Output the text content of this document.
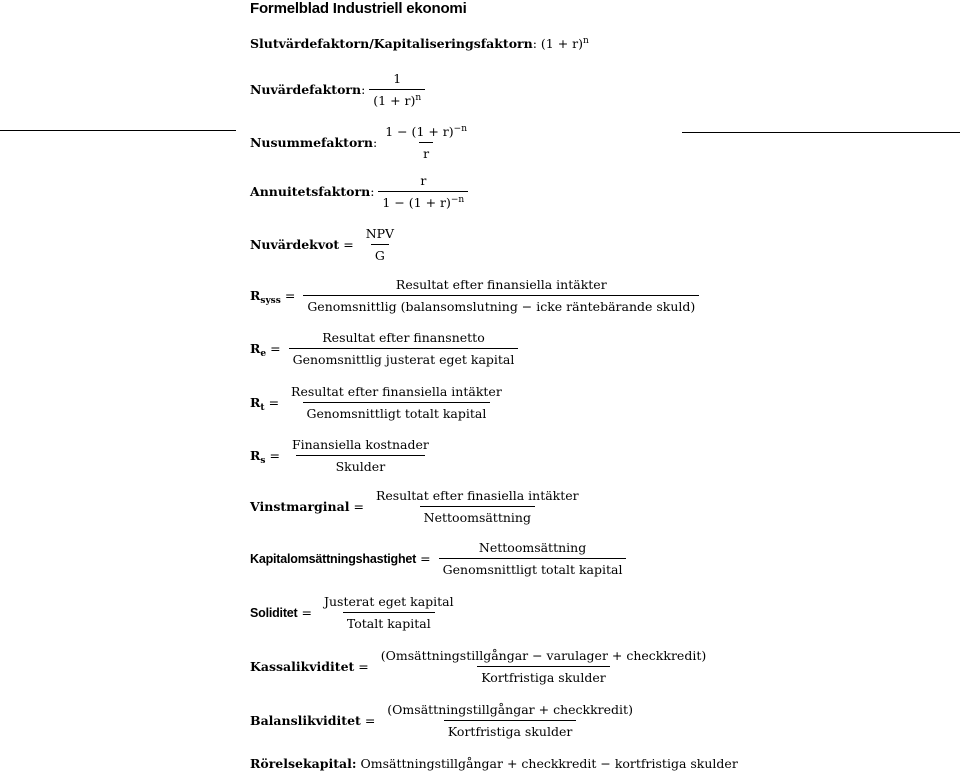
Formelblad Industriell ekonomi
Slutvärdefaktorn/Kapitaliseringsfaktorn : $(1 + r)^n$
Nuvärdefaktorn : $\frac{1}{(1 + r)^n}$
Nusummefaktorn : $\frac{1 - (1 + r)^{-n}}{r}$
Annuitetsfaktorn : $\frac{r}{1 - (1 + r)^{-n}}$
Nuvärdekvot = $\frac{\text{NPV}}{G}$
$R_{syss} = \frac{\text{Resultat efter finansiella intäkter}}{\text{Genomsnittlig (balansomslutning − icke räntebärande skuld)}}$
$R_e = \frac{\text{Resultat efter finansnetto}}{\text{Genomsnittlig justerat eget kapital}}$
$R_t = \frac{\text{Resultat efter finansiella intäkter}}{\text{Genomsnittligt totalt kapital}}$
$R_s = \frac{\text{Finansiella kostnader}}{\text{Skulder}}$
Vinstmarginal = $\frac{\text{Resultat efter finasiella intäkter}}{\text{Nettoomsättning}}$
Kapitalomsättningshastighet = $\frac{\text{Nettoomsättning}}{\text{Genomsnittligt totalt kapital}}$
Soliditet = $\frac{\text{Justerat eget kapital}}{\text{Totalt kapital}}$
Kassalikviditet = $\frac{\text{(Omsättningstillgångar − varulager + checkkredit)}}{\text{Kortfristiga skulder}}$
Balanslikviditet = $\frac{\text{(Omsättningstillgångar + checkkredit)}}{\text{Kortfristiga skulder}}$
Rörelsekapital: Omsättningstillgångar + checkkredit − kortfristiga skulder
